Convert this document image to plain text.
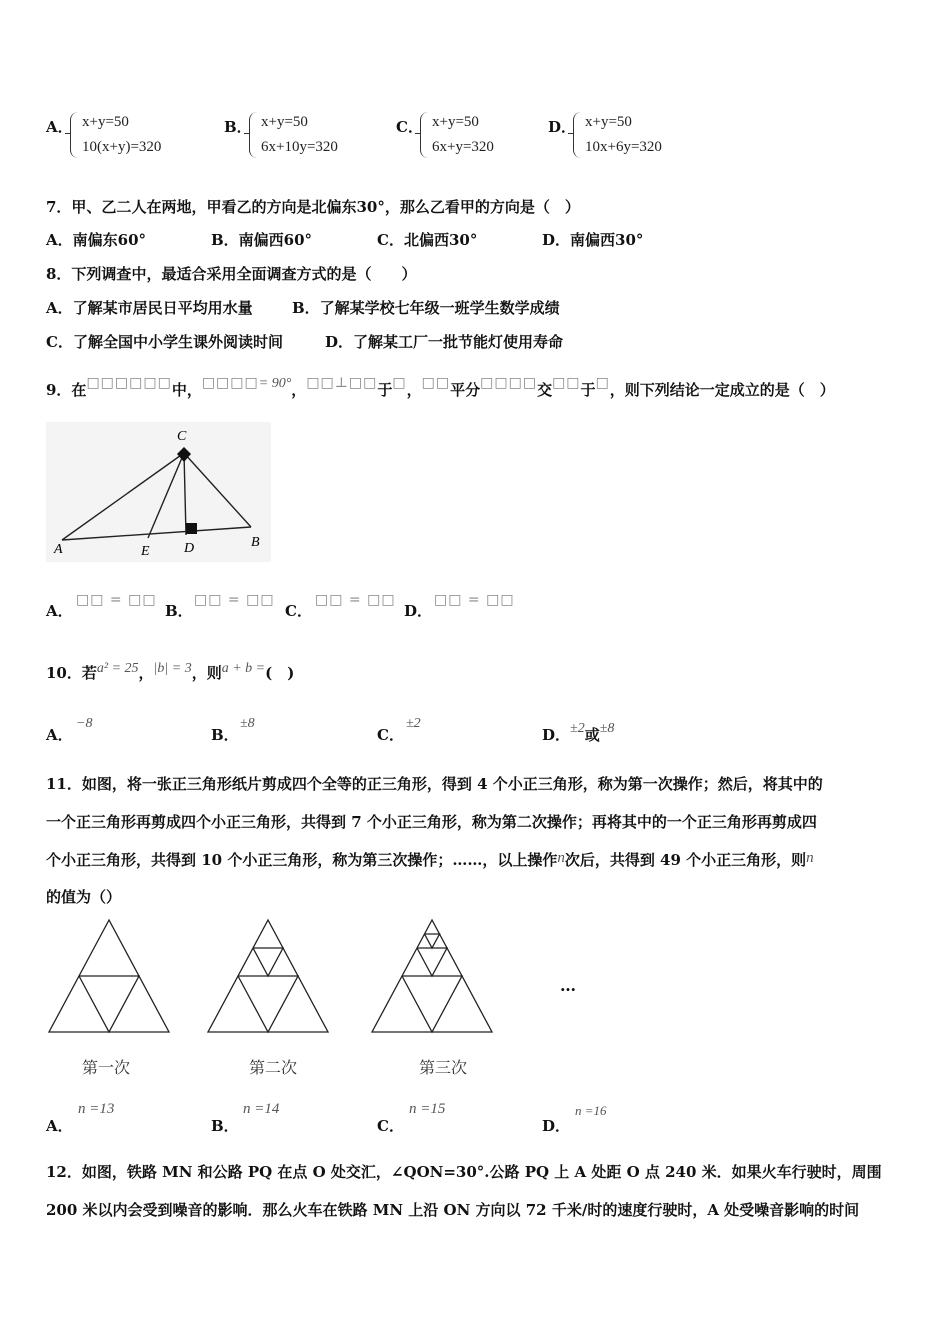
A． x+y=50
10(x+y)=320
B． x+y=50
6x+10y=320
C． x+y=50
6x+y=320
D． x+y=50
10x+6y=320
7．甲、乙二人在两地，甲看乙的方向是北偏东30°，那么乙看甲的方向是（　）
A．南偏东60°	B．南偏西60°	C．北偏西30°	D．南偏西30°
8．下列调查中，最适合采用全面调查方式的是（　　）
A．了解某市居民日平均用水量	B．了解某学校七年级一班学生数学成绩
C．了解全国中小学生课外阅读时间	D．了解某工厂一批节能灯使用寿命
9．在□□□□□□中，□□□□= 90°，□□⊥□□于□，□□平分□□□□交□□于□，则下列结论一定成立的是（　）
C
A	E D	B
A．
□□ = □□
B．
□□ = □□
C．
□□ = □□
D．
□□ = □□
10．若a² = 25，|b| = 3，则a + b =(　)
A．
−8
B．
±8
C．
±2
D．±2或±8
11．如图，将一张正三角形纸片剪成四个全等的正三角形，得到 4 个小正三角形，称为第一次操作；然后，将其中的
一个正三角形再剪成四个小正三角形，共得到 7 个小正三角形，称为第二次操作；再将其中的一个正三角形再剪成四
个小正三角形，共得到 10 个小正三角形，称为第三次操作；……，以上操作n次后，共得到 49 个小正三角形，则n
的值为（）
…
第一次	第二次	第三次
A．
n =13
B．
n =14
C．
n =15
D．
n =16
12．如图，铁路 MN 和公路 PQ 在点 O 处交汇，∠QON=30°.公路 PQ 上 A 处距 O 点 240 米．如果火车行驶时，周围
200 米以内会受到噪音的影响．那么火车在铁路 MN 上沿 ON 方向以 72 千米/时的速度行驶时，A 处受噪音影响的时间
